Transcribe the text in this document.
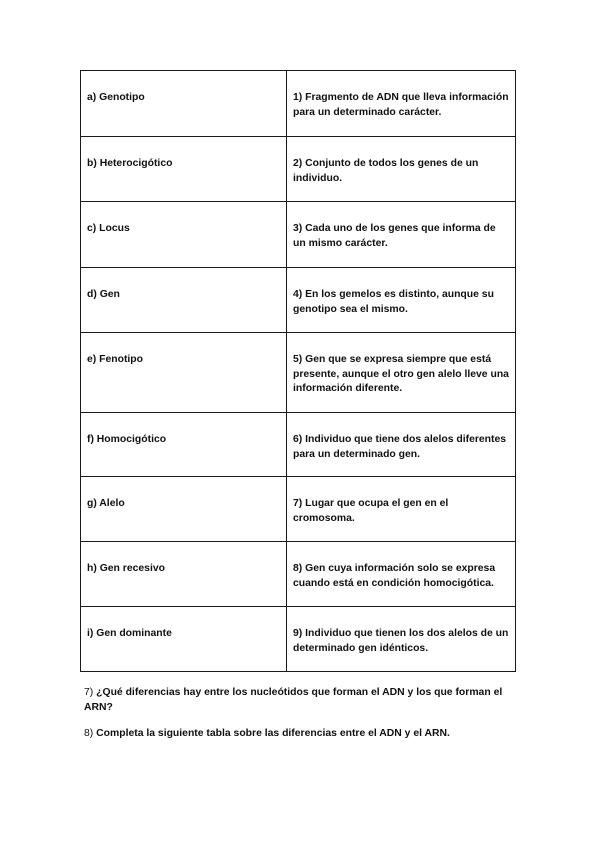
a) Genotipo	1) Fragmento de ADN que lleva información para un determinado carácter.
b) Heterocigótico	2) Conjunto de todos los genes de un individuo.
c) Locus	3) Cada uno de los genes que informa de un mismo carácter.
d) Gen	4) En los gemelos es distinto, aunque su genotipo sea el mismo.
e) Fenotipo	5) Gen que se expresa siempre que está presente, aunque el otro gen alelo lleve una información diferente.
f) Homocigótico	6) Individuo que tiene dos alelos diferentes para un determinado gen.
g) Alelo	7) Lugar que ocupa el gen en el cromosoma.
h) Gen recesivo	8) Gen cuya información solo se expresa cuando está en condición homocigótica.
i) Gen dominante	9) Individuo que tienen los dos alelos de un determinado gen idénticos.
7) ¿Qué diferencias hay entre los nucleótidos que forman el ADN y los que forman el ARN?
8) Completa la siguiente tabla sobre las diferencias entre el ADN y el ARN.
